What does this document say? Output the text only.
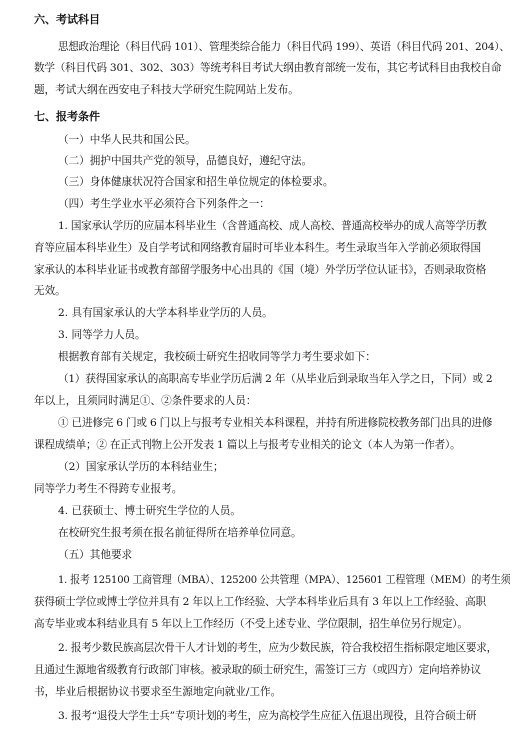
六、考试科目
思想政治理论（科目代码 101）、管理类综合能力（科目代码 199）、英语（科目代码 201、204）、
数学（科目代码 301、302、303）等统考科目考试大纲由教育部统一发布，其它考试科目由我校自命
题，考试大纲在西安电子科技大学研究生院网站上发布。
七、报考条件
（一）中华人民共和国公民。
（二）拥护中国共产党的领导，品德良好，遵纪守法。
（三）身体健康状况符合国家和招生单位规定的体检要求。
（四）考生学业水平必须符合下列条件之一：
1. 国家承认学历的应届本科毕业生（含普通高校、成人高校、普通高校举办的成人高等学历教
育等应届本科毕业生）及自学考试和网络教育届时可毕业本科生。考生录取当年入学前必须取得国
家承认的本科毕业证书或教育部留学服务中心出具的《国（境）外学历学位认证书》，否则录取资格
无效。
2. 具有国家承认的大学本科毕业学历的人员。
3. 同等学力人员。
根据教育部有关规定，我校硕士研究生招收同等学力考生要求如下：
（1）获得国家承认的高职高专毕业学历后满 2 年（从毕业后到录取当年入学之日，下同）或 2
年以上，且须同时满足①、②条件要求的人员：
① 已进修完 6 门或 6 门以上与报考专业相关本科课程，并持有所进修院校教务部门出具的进修
课程成绩单；② 在正式刊物上公开发表 1 篇以上与报考专业相关的论文（本人为第一作者）。
（2）国家承认学历的本科结业生；
同等学力考生不得跨专业报考。
4. 已获硕士、博士研究生学位的人员。
在校研究生报考须在报名前征得所在培养单位同意。
（五）其他要求
1. 报考 125100 工商管理（MBA）、125200 公共管理（MPA）、125601 工程管理（MEM）的考生须
获得硕士学位或博士学位并具有 2 年以上工作经验、大学本科毕业后具有 3 年以上工作经验、高职
高专毕业或本科结业具有 5 年以上工作经历（不受上述专业、学位限制，招生单位另行规定）。
2. 报考少数民族高层次骨干人才计划的考生，应为少数民族，符合我校招生指标限定地区要求，
且通过生源地省级教育行政部门审核。被录取的硕士研究生，需签订三方（或四方）定向培养协议
书，毕业后根据协议书要求至生源地定向就业/工作。
3. 报考“退役大学生士兵”专项计划的考生，应为高校学生应征入伍退出现役，且符合硕士研
